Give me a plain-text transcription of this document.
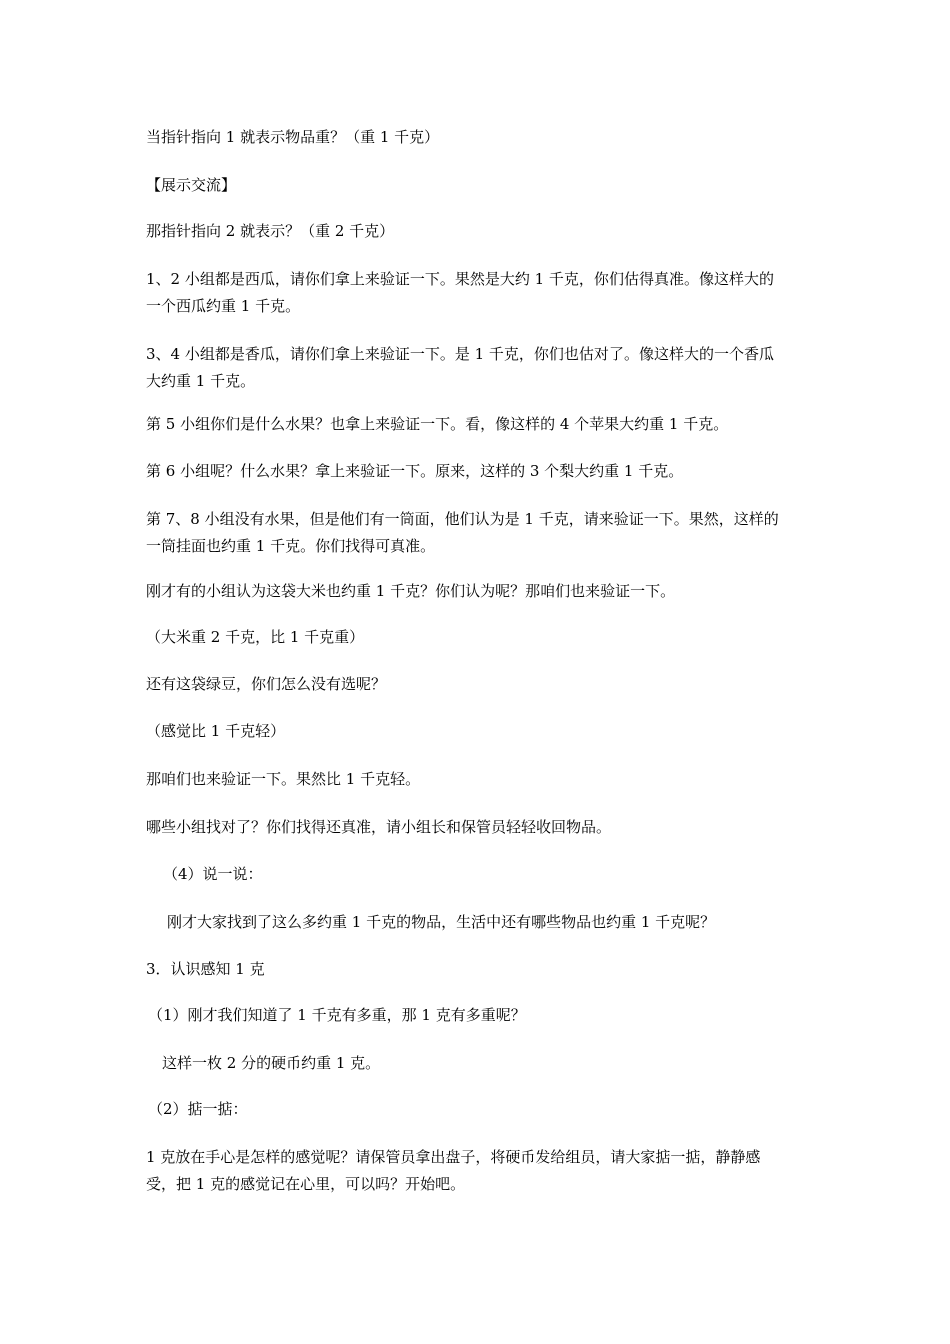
当指针指向 1 就表示物品重？（重 1 千克）

【展示交流】

那指针指向 2 就表示？（重 2 千克）

1、2 小组都是西瓜，请你们拿上来验证一下。果然是大约 1 千克，你们估得真准。像这样大的
一个西瓜约重 1 千克。

3、4 小组都是香瓜，请你们拿上来验证一下。是 1 千克，你们也估对了。像这样大的一个香瓜
大约重 1 千克。

第 5 小组你们是什么水果？也拿上来验证一下。看，像这样的 4 个苹果大约重 1 千克。

第 6 小组呢？什么水果？拿上来验证一下。原来，这样的 3 个梨大约重 1 千克。

第 7、8 小组没有水果，但是他们有一筒面，他们认为是 1 千克，请来验证一下。果然，这样的
一筒挂面也约重 1 千克。你们找得可真准。

刚才有的小组认为这袋大米也约重 1 千克？你们认为呢？那咱们也来验证一下。

（大米重 2 千克，比 1 千克重）

还有这袋绿豆，你们怎么没有选呢？

（感觉比 1 千克轻）

那咱们也来验证一下。果然比 1 千克轻。

哪些小组找对了？你们找得还真准，请小组长和保管员轻轻收回物品。

（4）说一说：

刚才大家找到了这么多约重 1 千克的物品，生活中还有哪些物品也约重 1 千克呢？

3．认识感知 1 克

（1）刚才我们知道了 1 千克有多重，那 1 克有多重呢？

这样一枚 2 分的硬币约重 1 克。

（2）掂一掂：

1 克放在手心是怎样的感觉呢？请保管员拿出盘子，将硬币发给组员，请大家掂一掂，静静感
受，把 1 克的感觉记在心里，可以吗？开始吧。
